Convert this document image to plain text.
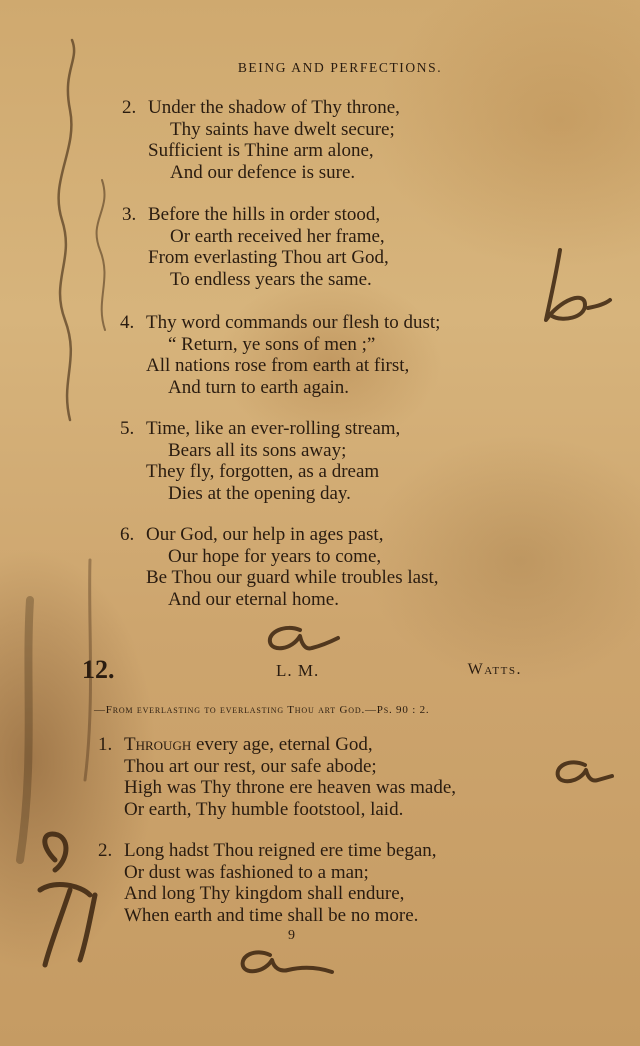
BEING AND PERFECTIONS.
2. Under the shadow of Thy throne,
Thy saints have dwelt secure;
Sufficient is Thine arm alone,
And our defence is sure.
3. Before the hills in order stood,
Or earth received her frame,
From everlasting Thou art God,
To endless years the same.
4. Thy word commands our flesh to dust;
“ Return, ye sons of men ;”
All nations rose from earth at first,
And turn to earth again.
5. Time, like an ever-rolling stream,
Bears all its sons away;
They fly, forgotten, as a dream
Dies at the opening day.
6. Our God, our help in ages past,
Our hope for years to come,
Be Thou our guard while troubles last,
And our eternal home.
12.	L. M.	Watts.
—From everlasting to everlasting Thou art God.—Ps. 90 : 2.
1. Through every age, eternal God,
Thou art our rest, our safe abode;
High was Thy throne ere heaven was made,
Or earth, Thy humble footstool, laid.
2. Long hadst Thou reigned ere time began,
Or dust was fashioned to a man;
And long Thy kingdom shall endure,
When earth and time shall be no more.
9
